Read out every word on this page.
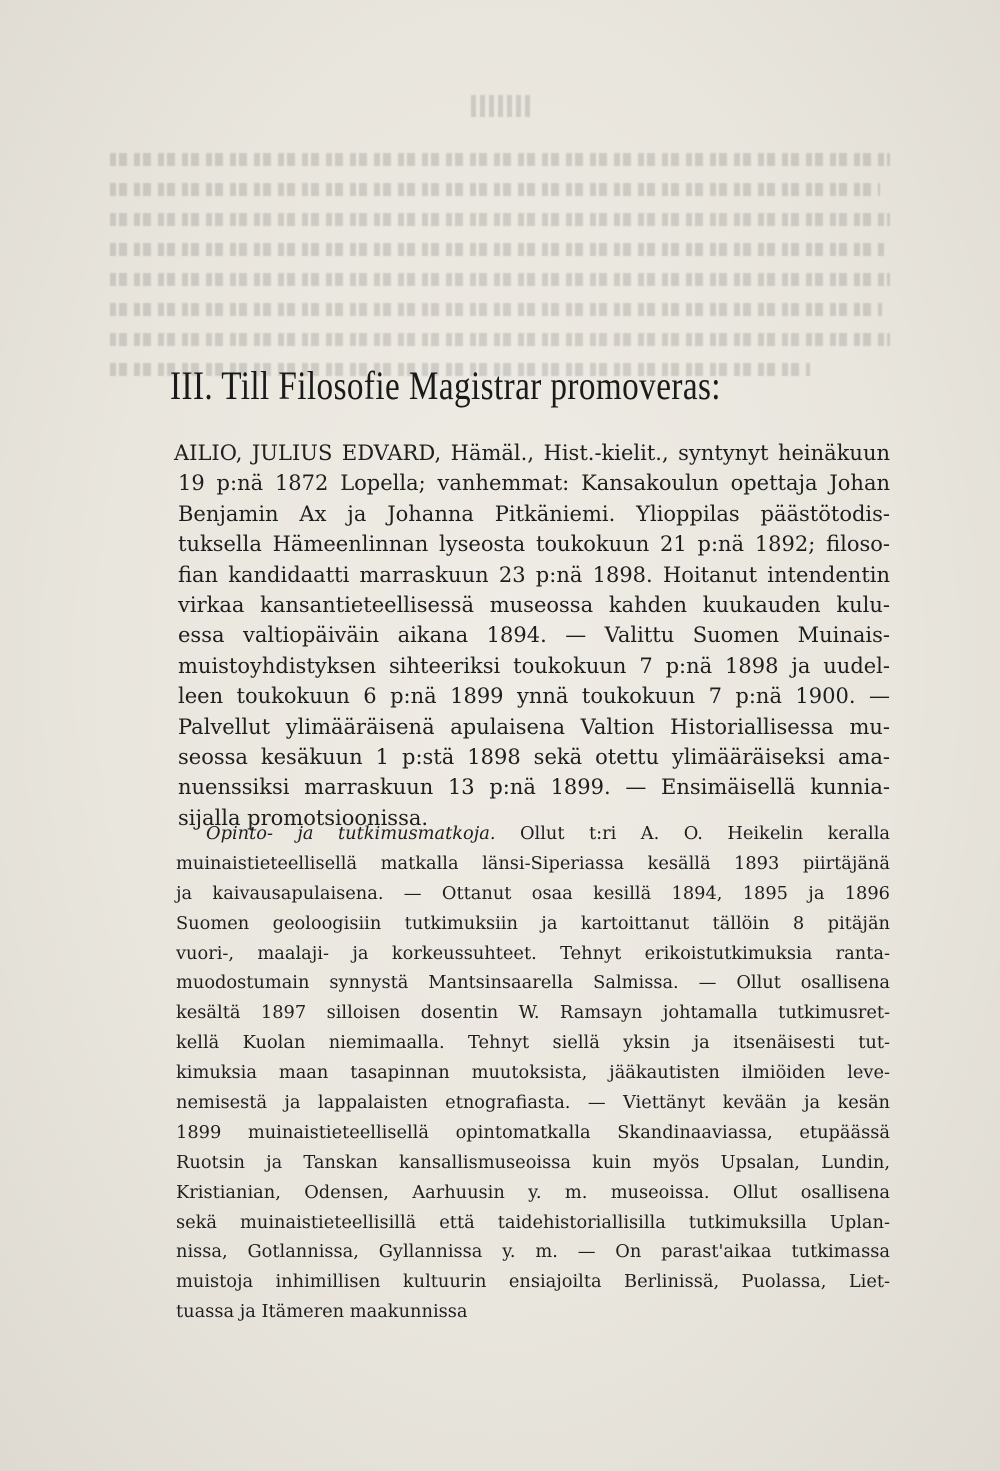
III. Till Filosofie Magistrar promoveras:
AILIO, JULIUS EDVARD, Hämäl., Hist.-kielit., syntynyt heinäkuun
19 p:nä 1872 Lopella; vanhemmat: Kansakoulun opettaja Johan
Benjamin Ax ja Johanna Pitkäniemi. Ylioppilas päästötodis-
tuksella Hämeenlinnan lyseosta toukokuun 21 p:nä 1892; filoso-
fian kandidaatti marraskuun 23 p:nä 1898. Hoitanut intendentin
virkaa kansantieteellisessä museossa kahden kuukauden kulu-
essa valtiopäiväin aikana 1894. — Valittu Suomen Muinais-
muistoyhdistyksen sihteeriksi toukokuun 7 p:nä 1898 ja uudel-
leen toukokuun 6 p:nä 1899 ynnä toukokuun 7 p:nä 1900. —
Palvellut ylimääräisenä apulaisena Valtion Historiallisessa mu-
seossa kesäkuun 1 p:stä 1898 sekä otettu ylimääräiseksi ama-
nuenssiksi marraskuun 13 p:nä 1899. — Ensimäisellä kunnia-
sijalla promotsioonissa.
Opinto- ja tutkimusmatkoja. Ollut t:ri A. O. Heikelin keralla
muinaistieteellisellä matkalla länsi-Siperiassa kesällä 1893 piirtäjänä
ja kaivausapulaisena. — Ottanut osaa kesillä 1894, 1895 ja 1896
Suomen geoloogisiin tutkimuksiin ja kartoittanut tällöin 8 pitäjän
vuori-, maalaji- ja korkeussuhteet. Tehnyt erikoistutkimuksia ranta-
muodostumain synnystä Mantsinsaarella Salmissa. — Ollut osallisena
kesältä 1897 silloisen dosentin W. Ramsayn johtamalla tutkimusret-
kellä Kuolan niemimaalla. Tehnyt siellä yksin ja itsenäisesti tut-
kimuksia maan tasapinnan muutoksista, jääkautisten ilmiöiden leve-
nemisestä ja lappalaisten etnografiasta. — Viettänyt kevään ja kesän
1899 muinaistieteellisellä opintomatkalla Skandinaaviassa, etupäässä
Ruotsin ja Tanskan kansallismuseoissa kuin myös Upsalan, Lundin,
Kristianian, Odensen, Aarhuusin y. m. museoissa. Ollut osallisena
sekä muinaistieteellisillä että taidehistoriallisilla tutkimuksilla Uplan-
nissa, Gotlannissa, Gyllannissa y. m. — On parast'aikaa tutkimassa
muistoja inhimillisen kultuurin ensiajoilta Berlinissä, Puolassa, Liet-
tuassa ja Itämeren maakunnissa
